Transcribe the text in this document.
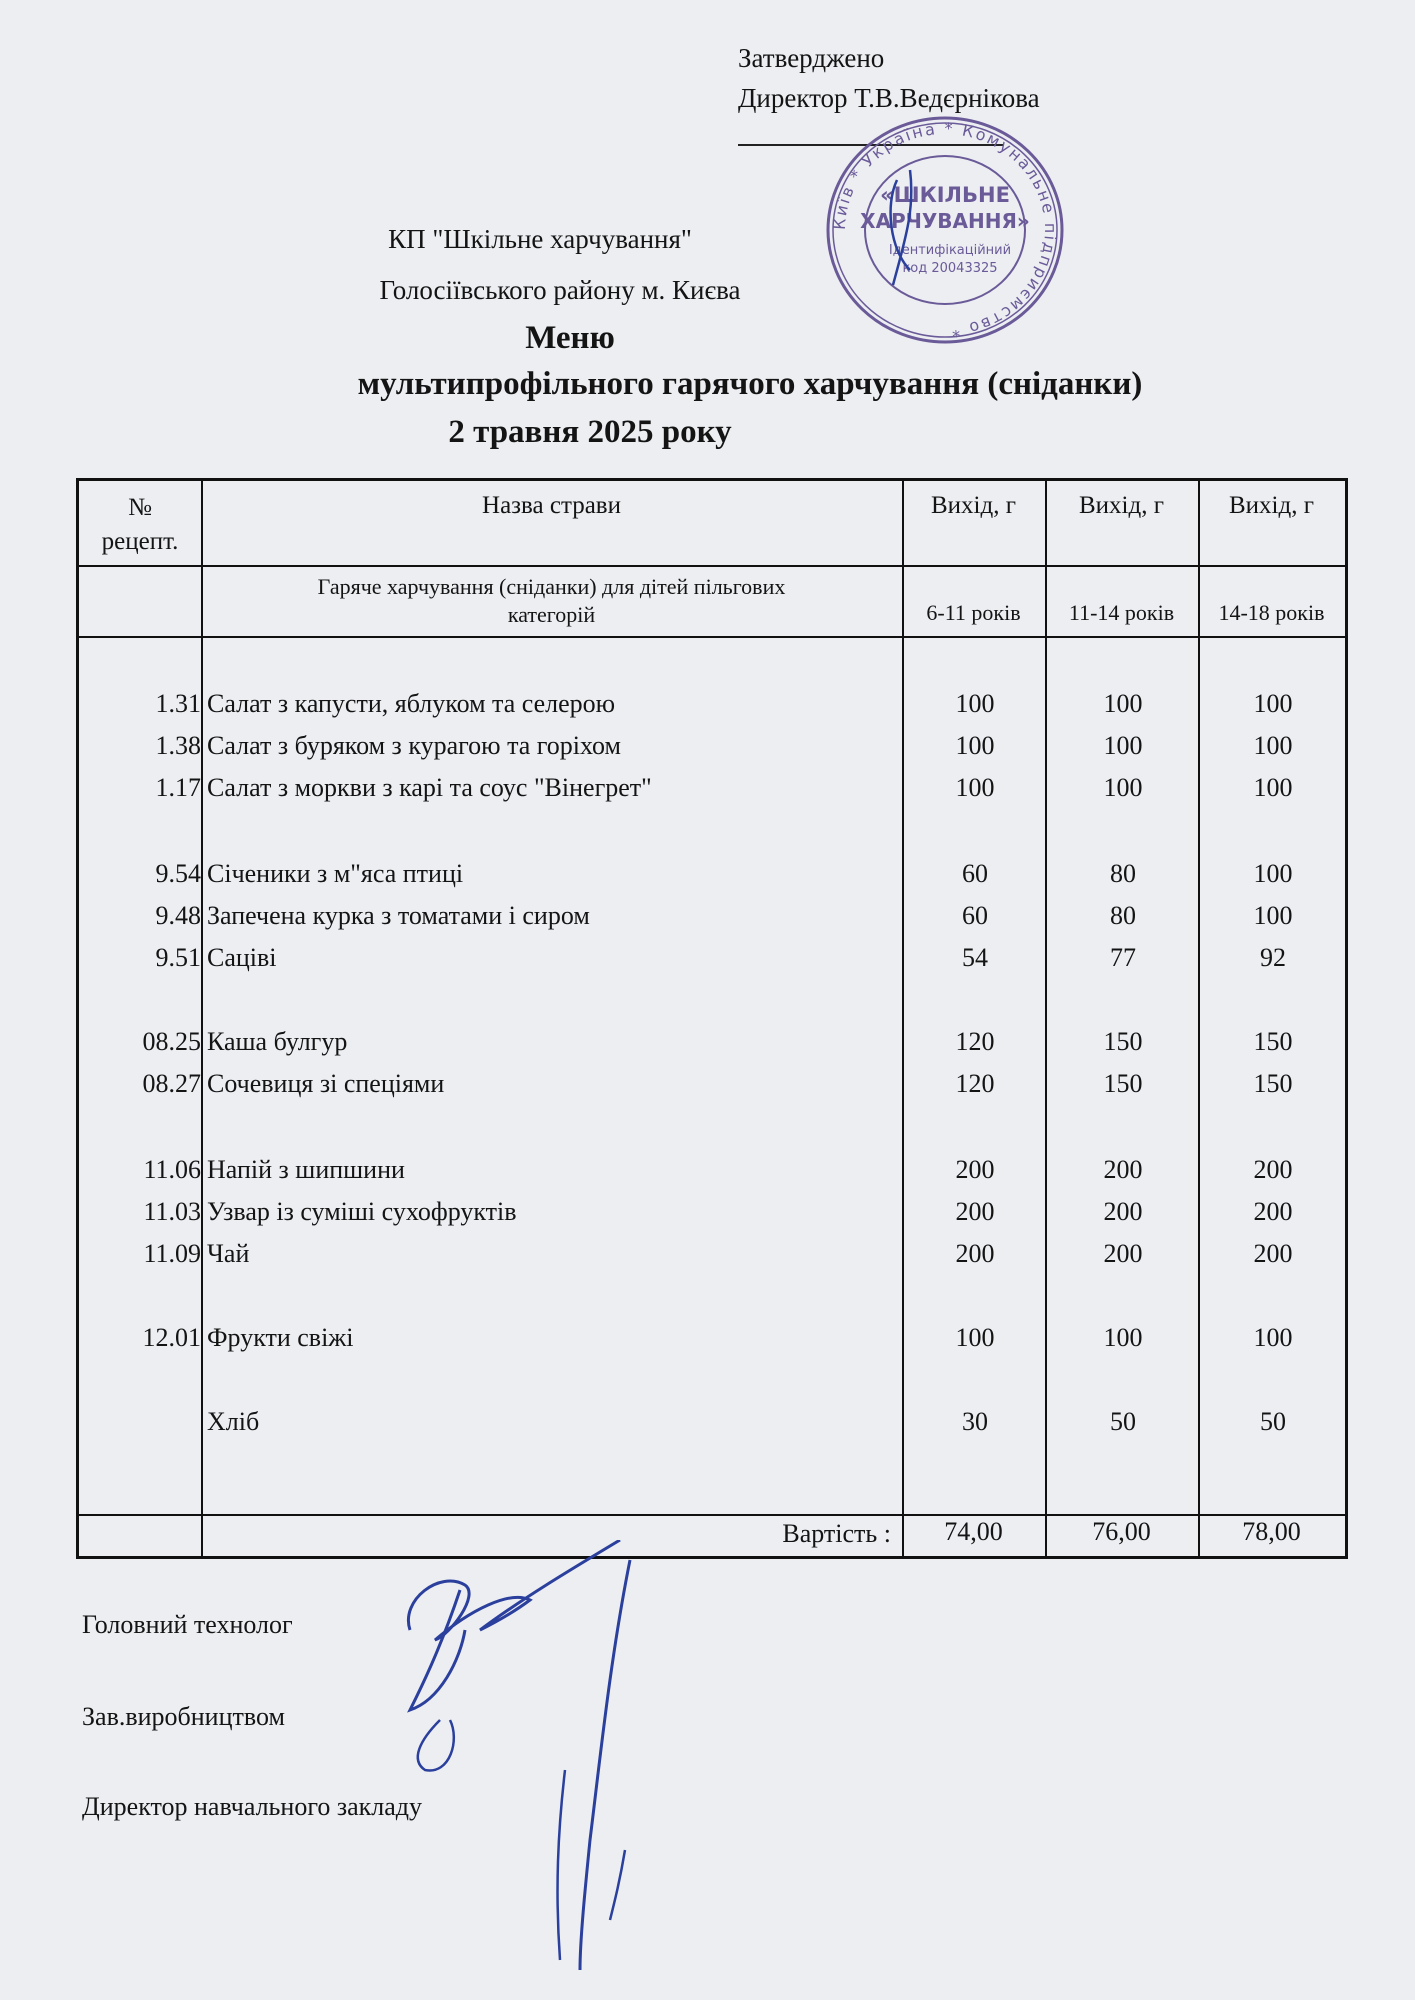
Затверджено
Директор Т.В.Ведєрнікова
Київ * Україна * Комунальне підприємство *
«ШКІЛЬНЕ
ХАРЧУВАННЯ»
Ідентифікаційний
код 20043325
КП "Шкільне харчування"
Голосіївського району м. Києва
Меню
мультипрофільного гарячого харчування (сніданки)
2 травня 2025 року
№
рецепт.
Назва страви	Вихід, г	Вихід, г	Вихід, г
Гаряче харчування (сніданки) для дітей пільгових
категорій	6-11 років	11-14 років	14-18 років
1.31 Салат з капусти, яблуком та селерою	100	100	100
1.38 Салат з буряком з курагою та горіхом	100	100	100
1.17 Салат з моркви з карі та соус "Вінегрет"	100	100	100
9.54 Січеники з м"яса птиці	60	80	100
9.48 Запечена курка з томатами і сиром	60	80	100
9.51 Саціві	54	77	92
08.25 Каша булгур	120	150	150
08.27 Сочевиця зі спеціями	120	150	150
11.06 Напій з шипшини	200	200	200
11.03 Узвар із суміші сухофруктів	200	200	200
11.09 Чай	200	200	200
12.01 Фрукти свіжі	100	100	100
Хліб	30	50	50
Вартість :	74,00	76,00	78,00
Головний технолог
Зав.виробництвом
Директор навчального закладу
